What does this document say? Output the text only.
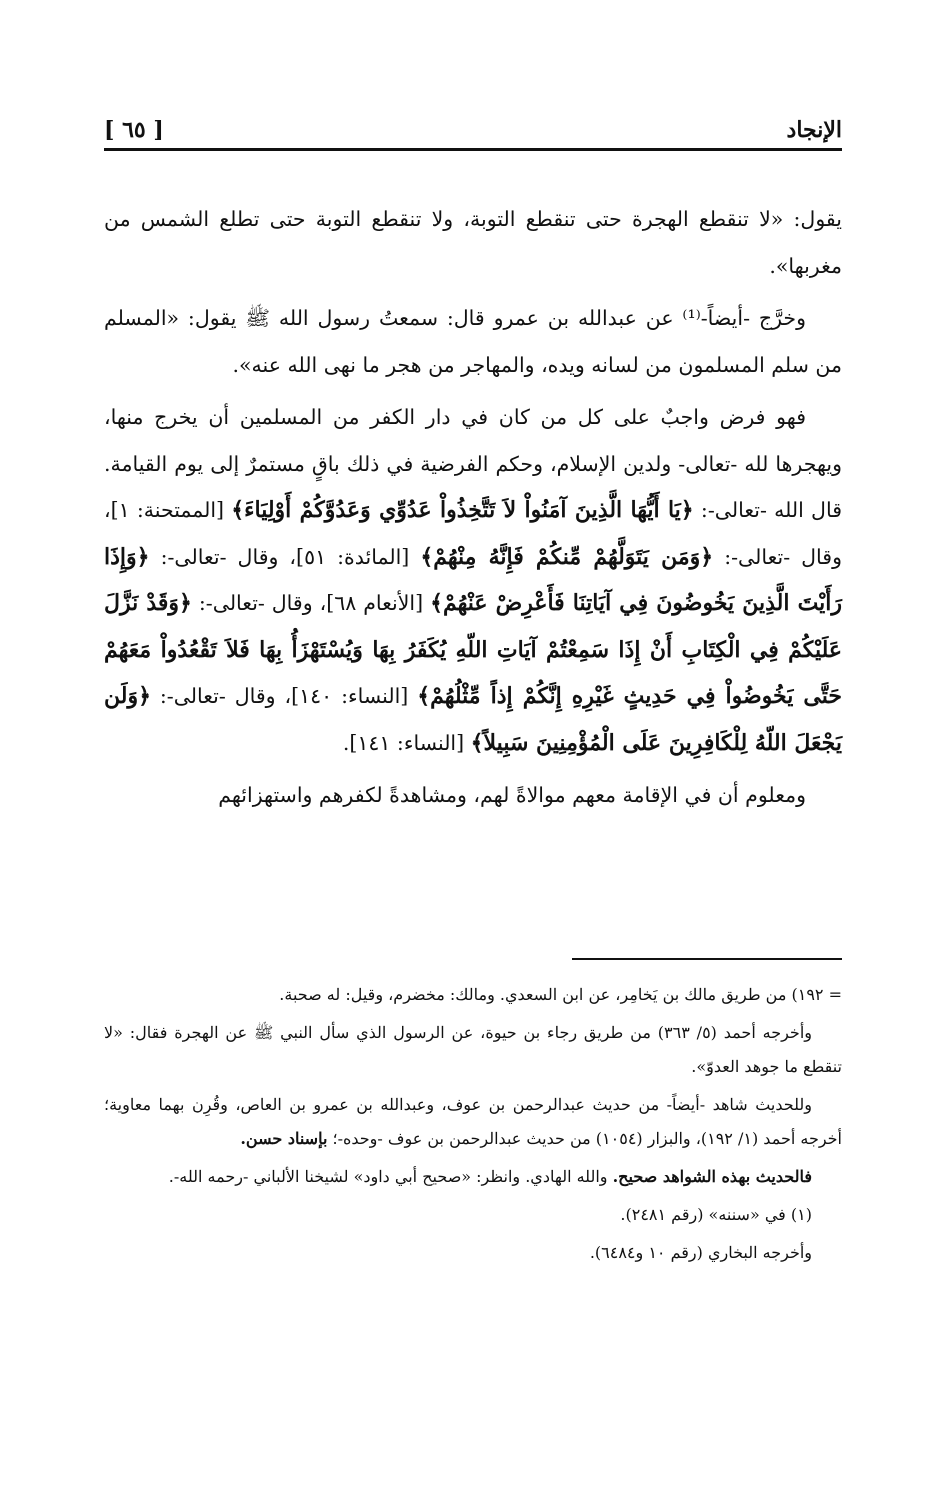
الإنجاد
[ ٦٥ ]

يقول: «لا تنقطع الهجرة حتى تنقطع التوبة، ولا تنقطع التوبة حتى تطلع الشمس من مغربها».

وخرَّج -أيضاً-⁽¹⁾ عن عبدالله بن عمرو قال: سمعتُ رسول الله ﷺ يقول: «المسلم من سلم المسلمون من لسانه ويده، والمهاجر من هجر ما نهى الله عنه».

فهو فرض واجبٌ على كل من كان في دار الكفر من المسلمين أن يخرج منها، ويهجرها لله -تعالى- ولدين الإسلام، وحكم الفرضية في ذلك باقٍ مستمرٌ إلى يوم القيامة. قال الله -تعالى-: ﴿يَا أَيُّهَا الَّذِينَ آمَنُواْ لاَ تَتَّخِذُواْ عَدُوِّي وَعَدُوَّكُمْ أَوْلِيَاءَ﴾ [الممتحنة: ١]، وقال -تعالى-: ﴿وَمَن يَتَوَلَّهُمْ مِّنكُمْ فَإِنَّهُ مِنْهُمْ﴾ [المائدة: ٥١]، وقال -تعالى-: ﴿وَإِذَا رَأَيْتَ الَّذِينَ يَخُوضُونَ فِي آيَاتِنَا فَأَعْرِضْ عَنْهُمْ﴾ [الأنعام ٦٨]، وقال -تعالى-: ﴿وَقَدْ نَزَّلَ عَلَيْكُمْ فِي الْكِتَابِ أَنْ إِذَا سَمِعْتُمْ آيَاتِ اللّهِ يُكَفَرُ بِهَا وَيُسْتَهْزَأُ بِهَا فَلاَ تَقْعُدُواْ مَعَهُمْ حَتَّى يَخُوضُواْ فِي حَدِيثٍ غَيْرِهِ إِنَّكُمْ إِذاً مِّثْلُهُمْ﴾ [النساء: ١٤٠]، وقال -تعالى-: ﴿وَلَن يَجْعَلَ اللّهُ لِلْكَافِرِينَ عَلَى الْمُؤْمِنِينَ سَبِيلاً﴾ [النساء: ١٤١].

ومعلوم أن في الإقامة معهم موالاةً لهم، ومشاهدةً لكفرهم واستهزائهم

= ١٩٢) من طريق مالك بن يَخامِر، عن ابن السعدي. ومالك: مخضرم، وقيل: له صحبة.

وأخرجه أحمد (٥/ ٣٦٣) من طريق رجاء بن حيوة، عن الرسول الذي سأل النبي ﷺ عن الهجرة فقال: «لا تنقطع ما جوهد العدوّ».

وللحديث شاهد -أيضاً- من حديث عبدالرحمن بن عوف، وعبدالله بن عمرو بن العاص، وقُرِن بهما معاوية؛ أخرجه أحمد (١/ ١٩٢)، والبزار (١٠٥٤) من حديث عبدالرحمن بن عوف -وحده-؛ بإسناد حسن.

فالحديث بهذه الشواهد صحيح. والله الهادي. وانظر: «صحيح أبي داود» لشيخنا الألباني -رحمه الله-.

(١) في «سننه» (رقم ٢٤٨١).

وأخرجه البخاري (رقم ١٠ و٦٤٨٤).
